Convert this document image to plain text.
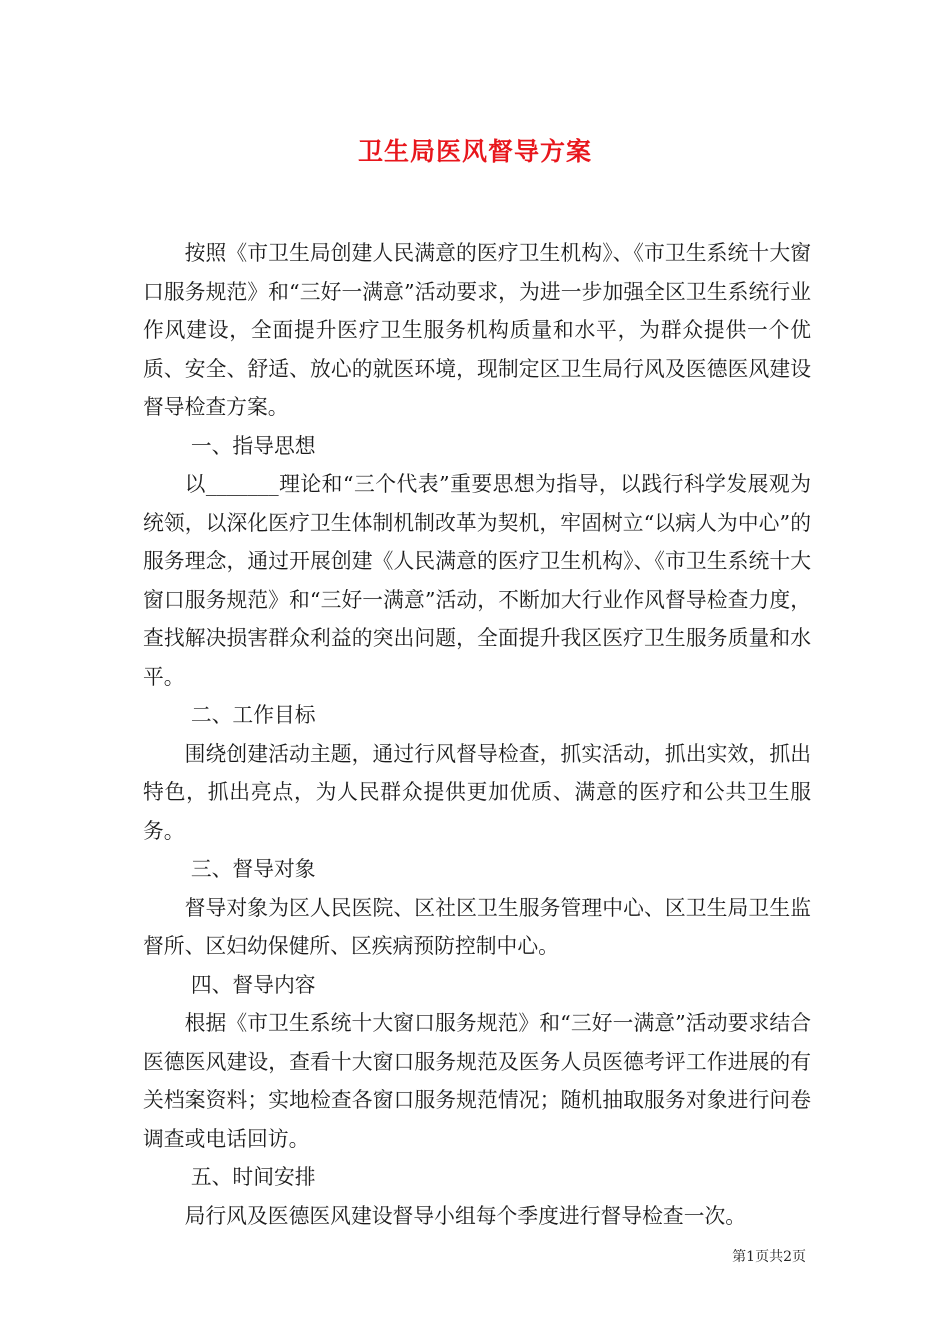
卫生局医风督导方案

按照《市卫生局创建人民满意的医疗卫生机构》、《市卫生系统十大窗口服务规范》和“三好一满意”活动要求，为进一步加强全区卫生系统行业作风建设，全面提升医疗卫生服务机构质量和水平，为群众提供一个优质、安全、舒适、放心的就医环境，现制定区卫生局行风及医德医风建设督导检查方案。

一、指导思想

以_______理论和“三个代表”重要思想为指导，以践行科学发展观为统领，以深化医疗卫生体制机制改革为契机，牢固树立“以病人为中心”的服务理念，通过开展创建《人民满意的医疗卫生机构》、《市卫生系统十大窗口服务规范》和“三好一满意”活动，不断加大行业作风督导检查力度，查找解决损害群众利益的突出问题，全面提升我区医疗卫生服务质量和水平。

二、工作目标

围绕创建活动主题，通过行风督导检查，抓实活动，抓出实效，抓出特色，抓出亮点，为人民群众提供更加优质、满意的医疗和公共卫生服务。

三、督导对象

督导对象为区人民医院、区社区卫生服务管理中心、区卫生局卫生监督所、区妇幼保健所、区疾病预防控制中心。

四、督导内容

根据《市卫生系统十大窗口服务规范》和“三好一满意”活动要求结合医德医风建设，查看十大窗口服务规范及医务人员医德考评工作进展的有关档案资料；实地检查各窗口服务规范情况；随机抽取服务对象进行问卷调查或电话回访。

五、时间安排

局行风及医德医风建设督导小组每个季度进行督导检查一次。

第1页共2页
